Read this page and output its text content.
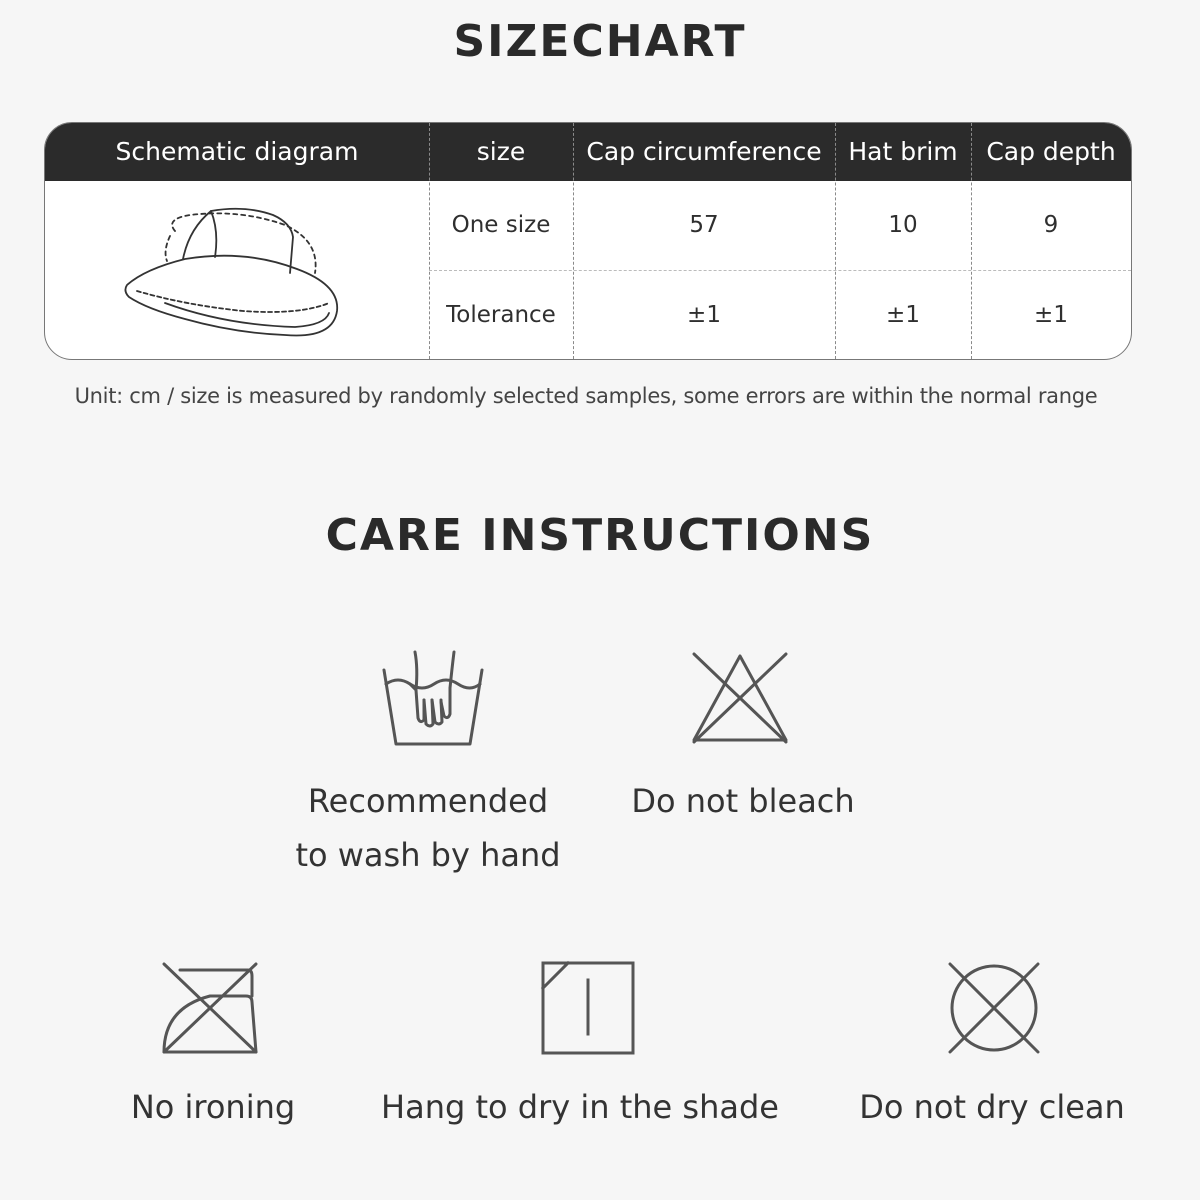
SIZECHART
Schematic diagram	size	Cap circumference	Hat brim	Cap depth
One size	57	10	9
Tolerance	±1	±1	±1
Unit: cm / size is measured by randomly selected samples, some errors are within the normal range
CARE INSTRUCTIONS
Recommended
to wash by hand
Do not bleach
No ironing	Hang to dry in the shade	Do not dry clean
